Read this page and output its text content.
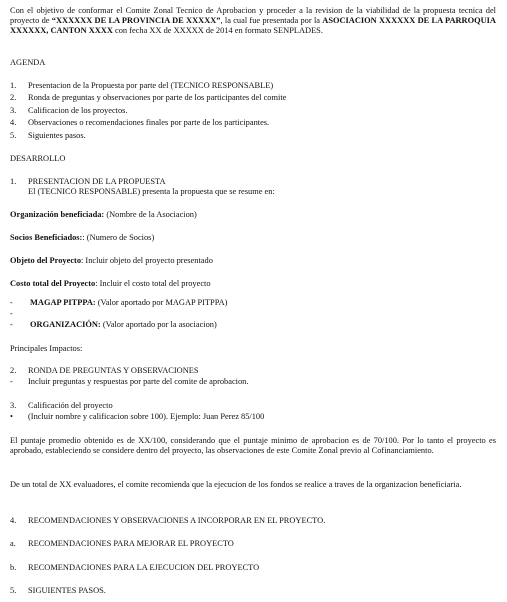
Con el objetivo de conformar el Comite Zonal Tecnico de Aprobacion y proceder a la revision de la viabilidad de la propuesta tecnica del proyecto de “XXXXXX DE LA PROVINCIA DE XXXXX”, la cual fue presentada por la ASOCIACION XXXXXX DE LA PARROQUIA XXXXXX, CANTON XXXX con fecha XX de XXXXX de 2014 en formato SENPLADES.
AGENDA
1. Presentacion de la Propuesta por parte del (TECNICO RESPONSABLE)
2. Ronda de preguntas y observaciones por parte de los participantes del comite
3. Calificacion de los proyectos.
4. Observaciones o recomendaciones finales por parte de los participantes.
5. Siguientes pasos.
DESARROLLO
1. PRESENTACION DE LA PROPUESTA
El (TECNICO RESPONSABLE) presenta la propuesta que se resume en:
Organización beneficiada: (Nombre de la Asociacion)
Socios Beneficiados:: (Numero de Socios)
Objeto del Proyecto: Incluir objeto del proyecto presentado
Costo total del Proyecto: Incluir el costo total del proyecto
- MAGAP PITPPA: (Valor aportado por MAGAP PITPPA)
-
- ORGANIZACIÓN: (Valor aportado por la asociacion)
Principales Impactos:
2. RONDA DE PREGUNTAS Y OBSERVACIONES
- Incluir preguntas y respuestas por parte del comite de aprobacion.
3. Calificación del proyecto
• (Incluir nombre y calificacion sobre 100). Ejemplo: Juan Perez 85/100
El puntaje promedio obtenido es de XX/100, considerando que el puntaje minimo de aprobacion es de 70/100. Por lo tanto el proyecto es aprobado, estableciendo se considere dentro del proyecto, las observaciones de este Comite Zonal previo al Cofinanciamiento.
De un total de XX evaluadores, el comite recomienda que la ejecucion de los fondos se realice a traves de la organizacion beneficiaria.
4. RECOMENDACIONES Y OBSERVACIONES A INCORPORAR EN EL PROYECTO.
a. RECOMENDACIONES PARA MEJORAR EL PROYECTO
b. RECOMENDACIONES PARA LA EJECUCION DEL PROYECTO
5. SIGUIENTES PASOS.
